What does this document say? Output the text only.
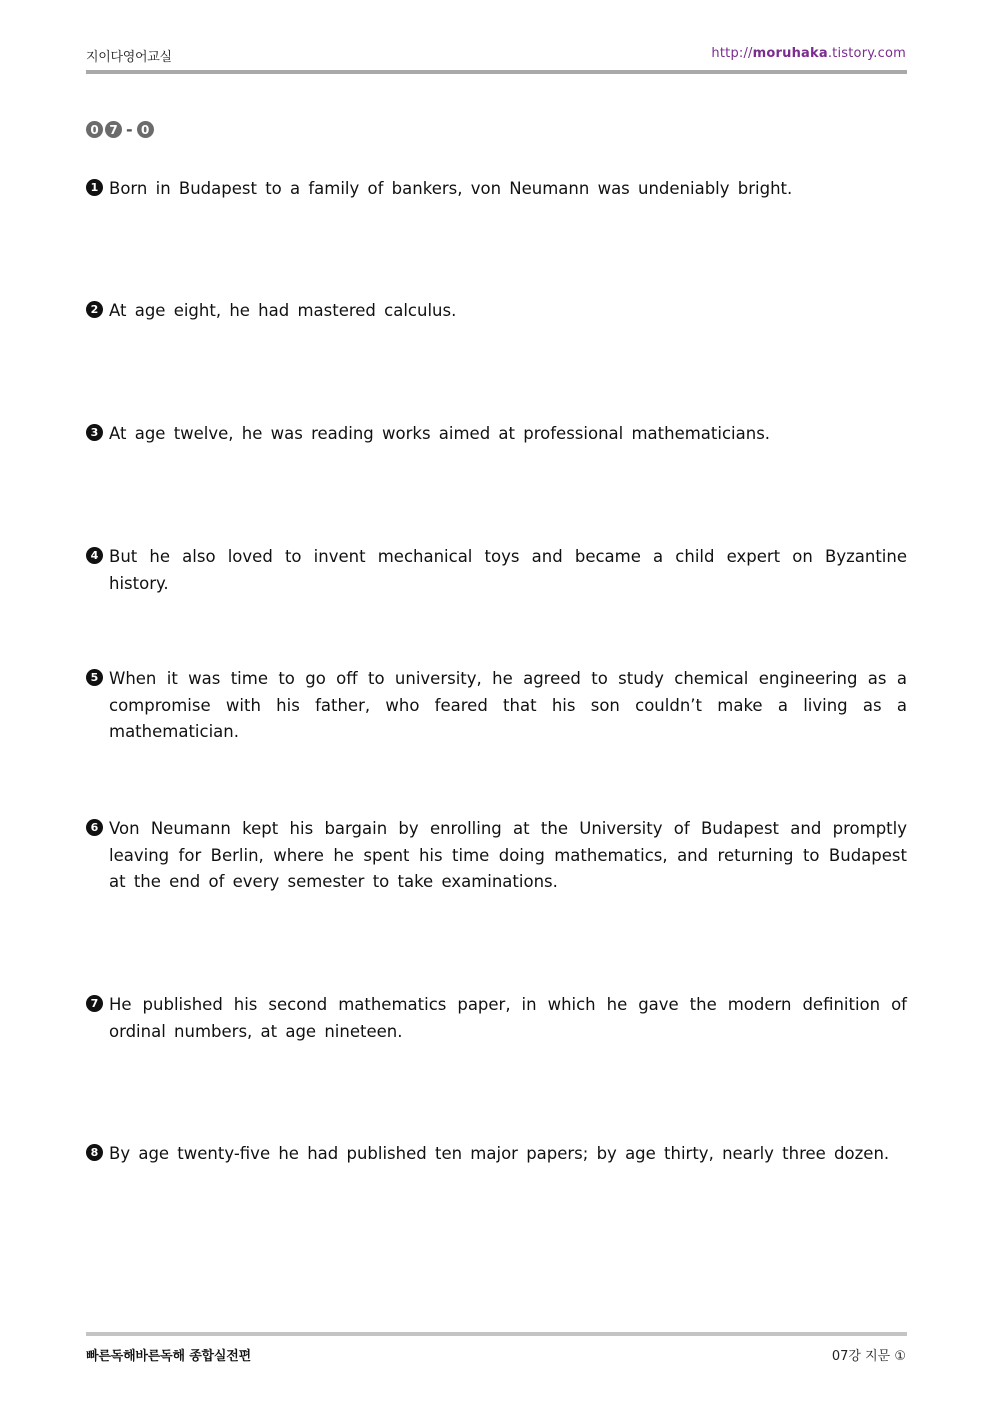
지이다영어교실	http://moruhaka.tistory.com
0 7 - 0
1 Born in Budapest to a family of bankers, von Neumann was undeniably bright.
2 At age eight, he had mastered calculus.
3 At age twelve, he was reading works aimed at professional mathematicians.
4 But he also loved to invent mechanical toys and became a child expert on Byzantine history.
5 When it was time to go off to university, he agreed to study chemical engineering as a compromise with his father, who feared that his son couldn’t make a living as a mathematician.
6 Von Neumann kept his bargain by enrolling at the University of Budapest and promptly leaving for Berlin, where he spent his time doing mathematics, and returning to Budapest at the end of every semester to take examinations.
7 He published his second mathematics paper, in which he gave the modern definition of ordinal numbers, at age nineteen.
8 By age twenty-five he had published ten major papers; by age thirty, nearly three dozen.
빠른독해바른독해 종합실전편	07강 지문 ①
